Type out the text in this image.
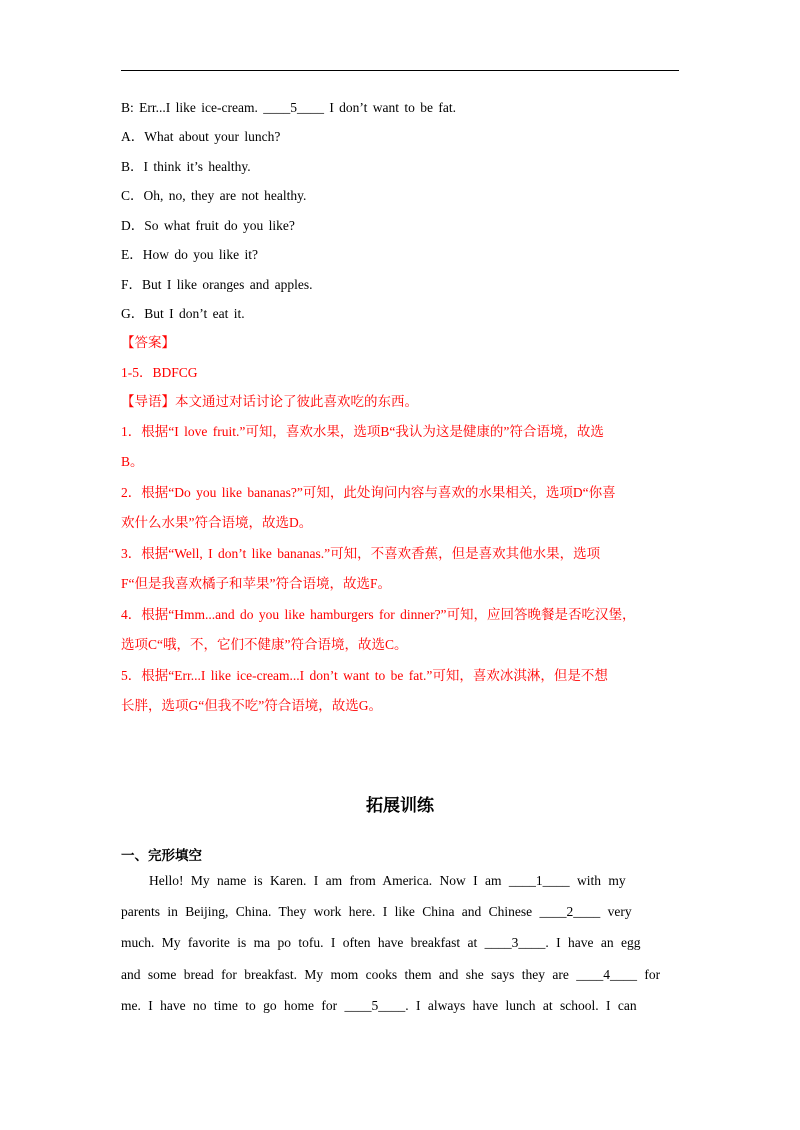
B: Err...I like ice-cream. ____5____ I don’t want to be fat.
A．What about your lunch?
B．I think it’s healthy.
C．Oh, no, they are not healthy.
D．So what fruit do you like?
E．How do you like it?
F．But I like oranges and apples.
G．But I don’t eat it.
【答案】
1-5．BDFCG
【导语】本文通过对话讨论了彼此喜欢吃的东西。
1．根据“I love fruit.”可知，喜欢水果，选项B“我认为这是健康的”符合语境，故选
B。
2．根据“Do you like bananas?”可知，此处询问内容与喜欢的水果相关，选项D“你喜
欢什么水果”符合语境，故选D。
3．根据“Well, I don’t like bananas.”可知，不喜欢香蕉，但是喜欢其他水果，选项
F“但是我喜欢橘子和苹果”符合语境，故选F。
4．根据“Hmm...and do you like hamburgers for dinner?”可知，应回答晚餐是否吃汉堡，
选项C“哦，不，它们不健康”符合语境，故选C。
5．根据“Err...I like ice-cream...I don’t want to be fat.”可知，喜欢冰淇淋，但是不想
长胖，选项G“但我不吃”符合语境，故选G。
拓展训练
一、完形填空
Hello! My name is Karen. I am from America. Now I am ____1____ with my
parents in Beijing, China. They work here. I like China and Chinese ____2____ very
much. My favorite is ma po tofu. I often have breakfast at ____3____. I have an egg
and some bread for breakfast. My mom cooks them and she says they are ____4____ for
me. I have no time to go home for ____5____. I always have lunch at school. I can
